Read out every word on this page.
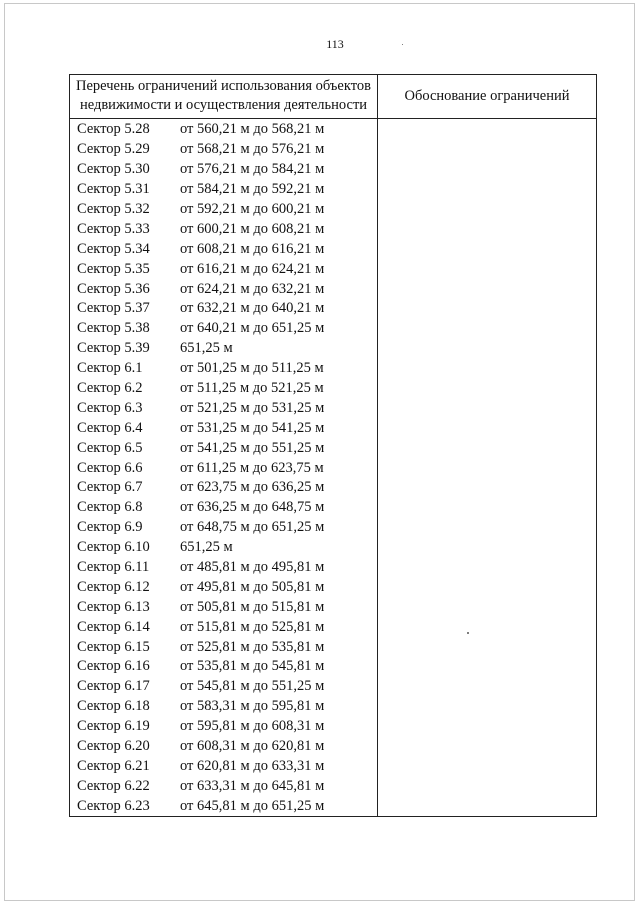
113
Перечень ограничений использования объектов недвижимости и осуществления деятельности
Обоснование ограничений
Сектор 5.28	от 560,21 м до 568,21 м
Сектор 5.29	от 568,21 м до 576,21 м
Сектор 5.30	от 576,21 м до 584,21 м
Сектор 5.31	от 584,21 м до 592,21 м
Сектор 5.32	от 592,21 м до 600,21 м
Сектор 5.33	от 600,21 м до 608,21 м
Сектор 5.34	от 608,21 м до 616,21 м
Сектор 5.35	от 616,21 м до 624,21 м
Сектор 5.36	от 624,21 м до 632,21 м
Сектор 5.37	от 632,21 м до 640,21 м
Сектор 5.38	от 640,21 м до 651,25 м
Сектор 5.39	651,25 м
Сектор 6.1	от 501,25 м до 511,25 м
Сектор 6.2	от 511,25 м до 521,25 м
Сектор 6.3	от 521,25 м до 531,25 м
Сектор 6.4	от 531,25 м до 541,25 м
Сектор 6.5	от 541,25 м до 551,25 м
Сектор 6.6	от 611,25 м до 623,75 м
Сектор 6.7	от 623,75 м до 636,25 м
Сектор 6.8	от 636,25 м до 648,75 м
Сектор 6.9	от 648,75 м до 651,25 м
Сектор 6.10	651,25 м
Сектор 6.11	от 485,81 м до 495,81 м
Сектор 6.12	от 495,81 м до 505,81 м
Сектор 6.13	от 505,81 м до 515,81 м
Сектор 6.14	от 515,81 м до 525,81 м
Сектор 6.15	от 525,81 м до 535,81 м
Сектор 6.16	от 535,81 м до 545,81 м
Сектор 6.17	от 545,81 м до 551,25 м
Сектор 6.18	от 583,31 м до 595,81 м
Сектор 6.19	от 595,81 м до 608,31 м
Сектор 6.20	от 608,31 м до 620,81 м
Сектор 6.21	от 620,81 м до 633,31 м
Сектор 6.22	от 633,31 м до 645,81 м
Сектор 6.23	от 645,81 м до 651,25 м
